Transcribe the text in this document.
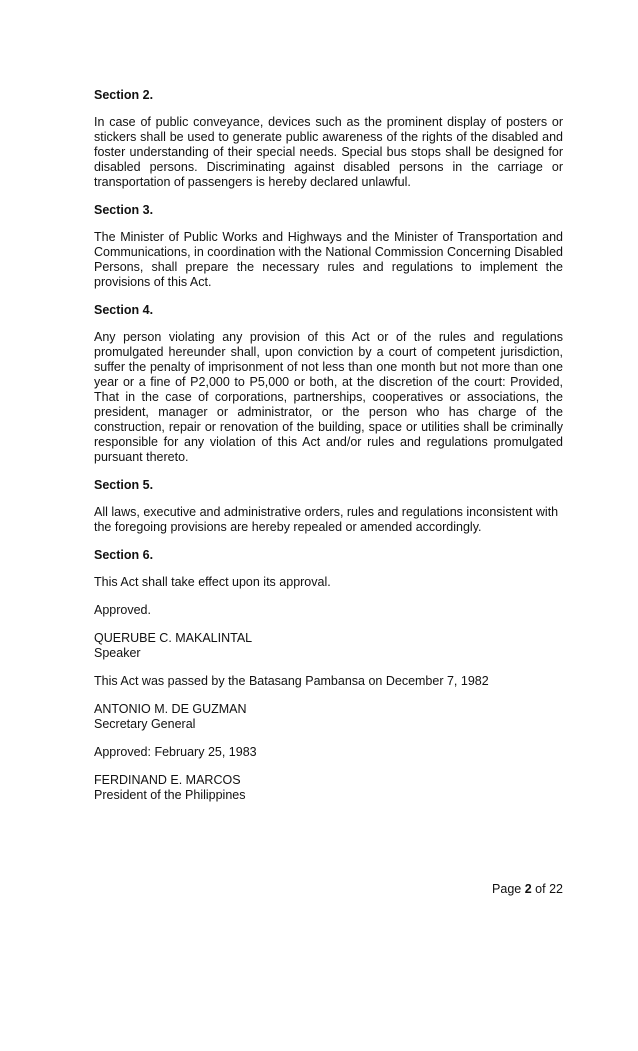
Section 2.
In case of public conveyance, devices such as the prominent display of posters or stickers shall be used to generate public awareness of the rights of the disabled and foster understanding of their special needs. Special bus stops shall be designed for disabled persons. Discriminating against disabled persons in the carriage or transportation of passengers is hereby declared unlawful.
Section 3.
The Minister of Public Works and Highways and the Minister of Transportation and Communications, in coordination with the National Commission Concerning Disabled Persons, shall prepare the necessary rules and regulations to implement the provisions of this Act.
Section 4.
Any person violating any provision of this Act or of the rules and regulations promulgated hereunder shall, upon conviction by a court of competent jurisdiction, suffer the penalty of imprisonment of not less than one month but not more than one year or a fine of P2,000 to P5,000 or both, at the discretion of the court: Provided, That in the case of corporations, partnerships, cooperatives or associations, the president, manager or administrator, or the person who has charge of the construction, repair or renovation of the building, space or utilities shall be criminally responsible for any violation of this Act and/or rules and regulations promulgated pursuant thereto.
Section 5.
All laws, executive and administrative orders, rules and regulations inconsistent with the foregoing provisions are hereby repealed or amended accordingly.
Section 6.
This Act shall take effect upon its approval.
Approved.
QUERUBE C. MAKALINTAL
Speaker
This Act was passed by the Batasang Pambansa on December 7, 1982
ANTONIO M. DE GUZMAN
Secretary General
Approved: February 25, 1983
FERDINAND E. MARCOS
President of the Philippines
Page 2 of 22
